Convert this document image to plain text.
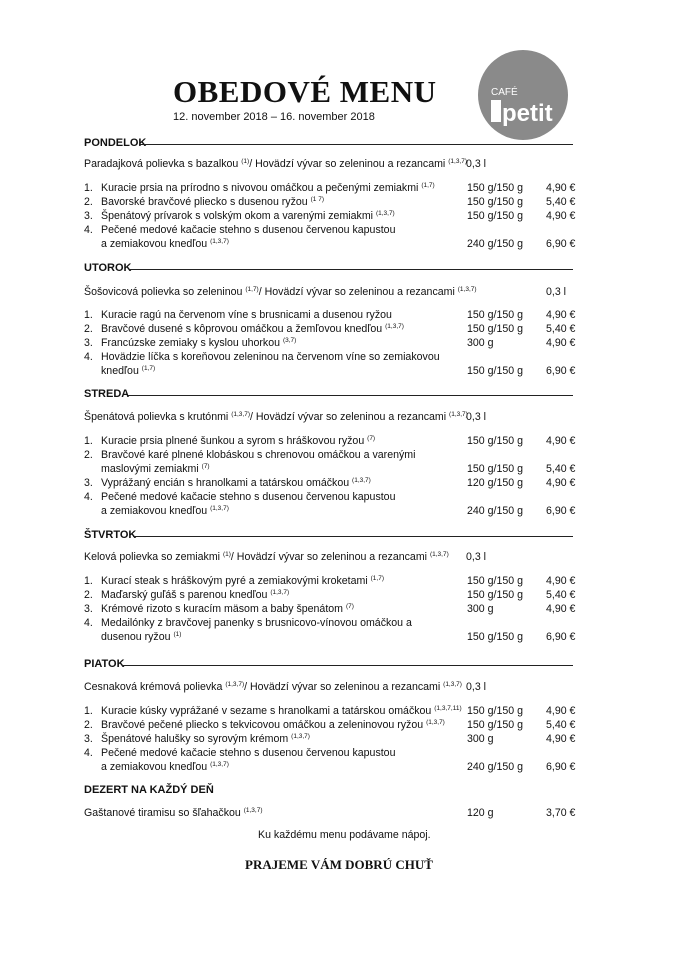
OBEDOVÉ MENU
12. november 2018 – 16. november 2018
CAFÉ
petit
PONDELOK
Paradajková polievka s bazalkou $^{(1)}$/ Hovädzí vývar so zeleninou a rezancami $^{(1,3,7)}$
0,3 l
1. Kuracie prsia na prírodno s nivovou omáčkou a pečenými zemiakmi $^{(1,7)}$	150 g/150 g 4,90 €
2. Bavorské bravčové pliecko s dusenou ryžou $^{(1 7)}$	150 g/150 g 5,40 €
3. Špenátový prívarok s volským okom a varenými zemiakmi $^{(1,3,7)}$	150 g/150 g 4,90 €
4. Pečené medové kačacie stehno s dusenou červenou kapustou
a zemiakovou knedľou $^{(1,3,7)}$	240 g/150 g 6,90 €
UTOROK
Šošovicová polievka so zeleninou $^{(1,7)}$/ Hovädzí vývar so zeleninou a rezancami $^{(1,3,7)}$	0,3 l
1. Kuracie ragú na červenom víne s brusnicami a dusenou ryžou	150 g/150 g 4,90 €
2. Bravčové dusené s kôprovou omáčkou a žemľovou knedľou $^{(1,3,7)}$	150 g/150 g 5,40 €
3. Francúzske zemiaky s kyslou uhorkou $^{(3,7)}$	300 g	4,90 €
4. Hovädzie líčka s koreňovou zeleninou na červenom víne so zemiakovou
knedľou $^{(1,7)}$	150 g/150 g 6,90 €
STREDA
Špenátová polievka s krutónmi $^{(1,3,7)}$/ Hovädzí vývar so zeleninou a rezancami $^{(1,3,7)}$
0,3 l
1. Kuracie prsia plnené šunkou a syrom s hráškovou ryžou $^{(7)}$	150 g/150 g 4,90 €
2. Bravčové karé plnené klobáskou s chrenovou omáčkou a varenými
maslovými zemiakmi $^{(7)}$	150 g/150 g 5,40 €
3. Vyprážaný encián s hranolkami a tatárskou omáčkou $^{(1,3,7)}$	120 g/150 g 4,90 €
4. Pečené medové kačacie stehno s dusenou červenou kapustou
a zemiakovou knedľou $^{(1,3,7)}$	240 g/150 g 6,90 €
ŠTVRTOK
Kelová polievka so zemiakmi $^{(1)}$/ Hovädzí vývar so zeleninou a rezancami $^{(1,3,7)}$ 0,3 l
1. Kurací steak s hráškovým pyré a zemiakovými kroketami $^{(1,7)}$	150 g/150 g 4,90 €
2. Maďarský guľáš s parenou knedľou $^{(1,3,7)}$	150 g/150 g 5,40 €
3. Krémové rizoto s kuracím mäsom a baby špenátom $^{(7)}$	300 g	4,90 €
4. Medailónky z bravčovej panenky s brusnicovo-vínovou omáčkou a
dusenou ryžou $^{(1)}$	150 g/150 g 6,90 €
PIATOK
Cesnaková krémová polievka $^{(1,3,7)}$/ Hovädzí vývar so zeleninou a rezancami $^{(1,3,7)}$ 0,3 l
1. Kuracie kúsky vyprážané v sezame s hranolkami a tatárskou omáčkou $^{(1,3,7,11)}$ 150 g/150 g 4,90 €
2. Bravčové pečené pliecko s tekvicovou omáčkou a zeleninovou ryžou $^{(1,3,7)}$ 150 g/150 g 5,40 €
3. Špenátové halušky so syrovým krémom $^{(1,3,7)}$	300 g	4,90 €
4. Pečené medové kačacie stehno s dusenou červenou kapustou
a zemiakovou knedľou $^{(1,3,7)}$	240 g/150 g 6,90 €
DEZERT NA KAŽDÝ DEŇ
Gaštanové tiramisu so šľahačkou $^{(1,3,7)}$	120 g	3,70 €
Ku každému menu podávame nápoj.
PRAJEME VÁM DOBRÚ CHUŤ
